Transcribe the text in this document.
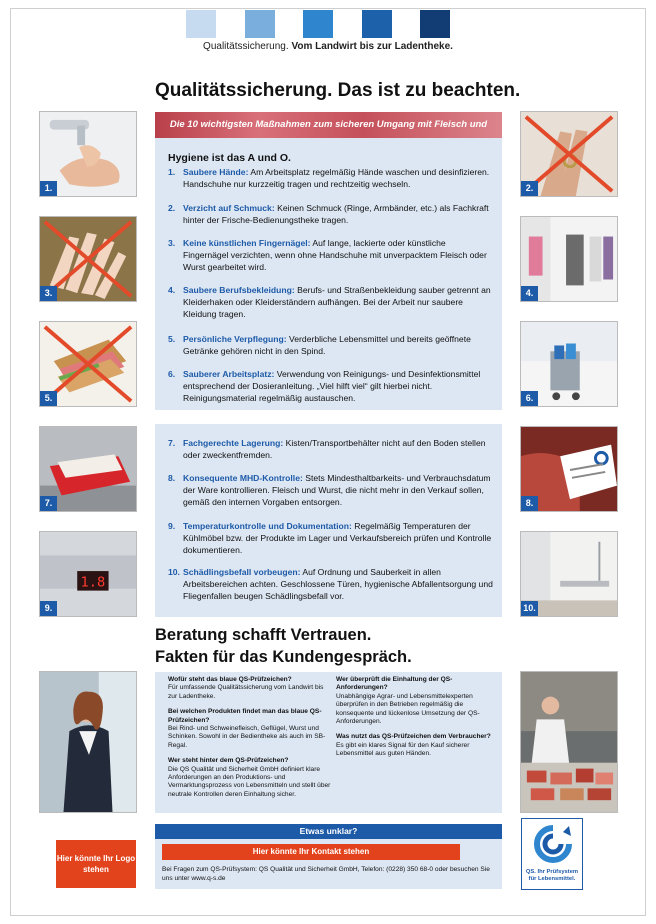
Qualitätssicherung. Vom Landwirt bis zur Ladentheke.
Qualitätssicherung. Das ist zu beachten.
Die 10 wichtigsten Maßnahmen zum sicheren Umgang mit Fleisch und
Hygiene ist das A und O.
1. Saubere Hände: Am Arbeitsplatz regelmäßig Hände waschen und desinfizieren. Handschuhe nur kurzzeitig tragen und rechtzeitig wechseln.
2. Verzicht auf Schmuck: Keinen Schmuck (Ringe, Armbänder, etc.) als Fachkraft hinter der Frische-Bedienungstheke tragen.
3. Keine künstlichen Fingernägel: Auf lange, lackierte oder künstliche Fingernägel verzichten, wenn ohne Handschuhe mit unverpacktem Fleisch oder Wurst gearbeitet wird.
4. Saubere Berufsbekleidung: Berufs- und Straßenbekleidung sauber getrennt an Kleiderhaken oder Kleiderständern aufhängen. Bei der Arbeit nur saubere Kleidung tragen.
5. Persönliche Verpflegung: Verderbliche Lebensmittel und bereits geöffnete Getränke gehören nicht in den Spind.
6. Sauberer Arbeitsplatz: Verwendung von Reinigungs- und Desinfektionsmittel entsprechend der Dosieranleitung. „Viel hilft viel“ gilt hierbei nicht. Reinigungsmaterial regelmäßig austauschen.
7. Fachgerechte Lagerung: Kisten/Transportbehälter nicht auf den Boden stellen oder zweckentfremden.
8. Konsequente MHD-Kontrolle: Stets Mindesthaltbarkeits- und Verbrauchsdatum der Ware kontrollieren. Fleisch und Wurst, die nicht mehr in den Verkauf sollen, gemäß den internen Vorgaben entsorgen.
9. Temperaturkontrolle und Dokumentation: Regelmäßig Temperaturen der Kühlmöbel bzw. der Produkte im Lager und Verkaufsbereich prüfen und Kontrolle dokumentieren.
10. Schädlingsbefall vorbeugen: Auf Ordnung und Sauberkeit in allen Arbeitsbereichen achten. Geschlossene Türen, hygienische Abfallentsorgung und Fliegenfallen beugen Schädlingsbefall vor.
1.
3.
5.
7.
1.8
9.
2.
4.
6.
8.
10.
Beratung schafft Vertrauen.
Fakten für das Kundengespräch.
Wofür steht das blaue QS-Prüfzeichen?
Für umfassende Qualitätssicherung vom Landwirt bis zur Ladentheke.
Bei welchen Produkten findet man das blaue QS-Prüfzeichen?
Bei Rind- und Schweinefleisch, Geflügel, Wurst und Schinken. Sowohl in der Bedientheke als auch im SB-Regal.
Wer steht hinter dem QS-Prüfzeichen?
Die QS Qualität und Sicherheit GmbH definiert klare Anforderungen an den Produktions- und Vermarktungsprozess von Lebensmitteln und stellt über neutrale Kontrollen deren Einhaltung sicher.
Wer überprüft die Einhaltung der QS-Anforderungen?
Unabhängige Agrar- und Lebensmittelexperten überprüfen in den Betrieben regelmäßig die konsequente und lückenlose Umsetzung der QS-Anforderungen.
Was nutzt das QS-Prüfzeichen dem Verbraucher?
Es gibt ein klares Signal für den Kauf sicherer Lebensmittel aus guten Händen.
Hier könnte Ihr Logo stehen
Etwas unklar?
Hier könnte Ihr Kontakt stehen
Bei Fragen zum QS-Prüfsystem: QS Qualität und Sicherheit GmbH, Telefon: (0228) 350 68-0 oder besuchen Sie uns unter www.q-s.de
QS. Ihr Prüfsystem
für Lebensmittel.
